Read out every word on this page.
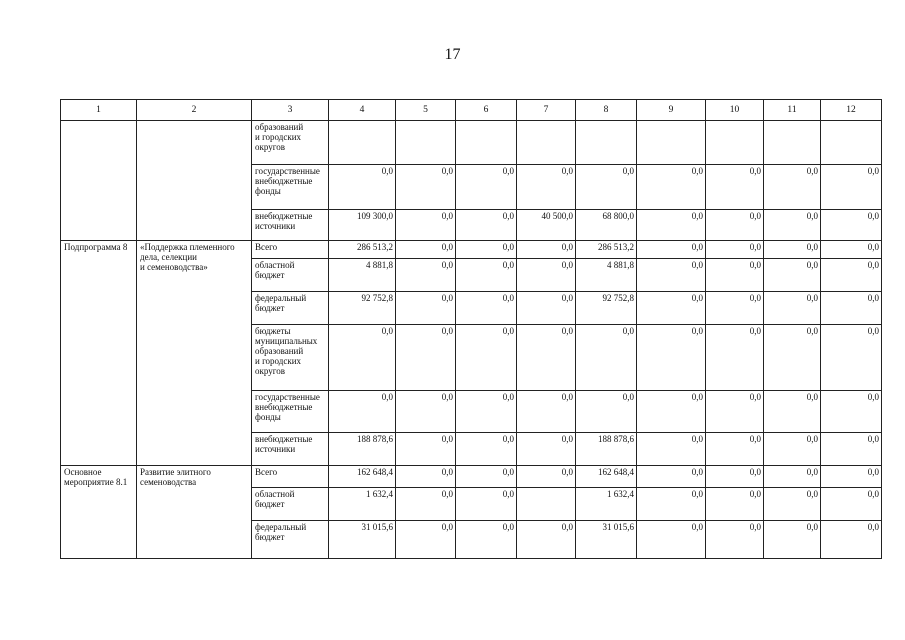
17
1	2	3	4	5	6	7	8	9	10	11	12
		образований
и городских
округов									
		государственные
внебюджетные
фонды	0,0	0,0	0,0	0,0	0,0	0,0	0,0	0,0	0,0
		внебюджетные
источники	109 300,0	0,0	0,0	40 500,0	68 800,0	0,0	0,0	0,0	0,0
Подпрограмма 8	«Поддержка племенного
дела, селекции
и семеноводства»	Всего	286 513,2	0,0	0,0	0,0	286 513,2	0,0	0,0	0,0	0,0
		областной
бюджет	4 881,8	0,0	0,0	0,0	4 881,8	0,0	0,0	0,0	0,0
		федеральный
бюджет	92 752,8	0,0	0,0	0,0	92 752,8	0,0	0,0	0,0	0,0
		бюджеты
муниципальных
образований
и городских
округов	0,0	0,0	0,0	0,0	0,0	0,0	0,0	0,0	0,0
		государственные
внебюджетные
фонды	0,0	0,0	0,0	0,0	0,0	0,0	0,0	0,0	0,0
		внебюджетные
источники	188 878,6	0,0	0,0	0,0	188 878,6	0,0	0,0	0,0	0,0
Основное
мероприятие 8.1	Развитие элитного
семеноводства	Всего	162 648,4	0,0	0,0	0,0	162 648,4	0,0	0,0	0,0	0,0
		областной
бюджет	1 632,4	0,0	0,0		1 632,4	0,0	0,0	0,0	0,0
		федеральный
бюджет	31 015,6	0,0	0,0	0,0	31 015,6	0,0	0,0	0,0	0,0
